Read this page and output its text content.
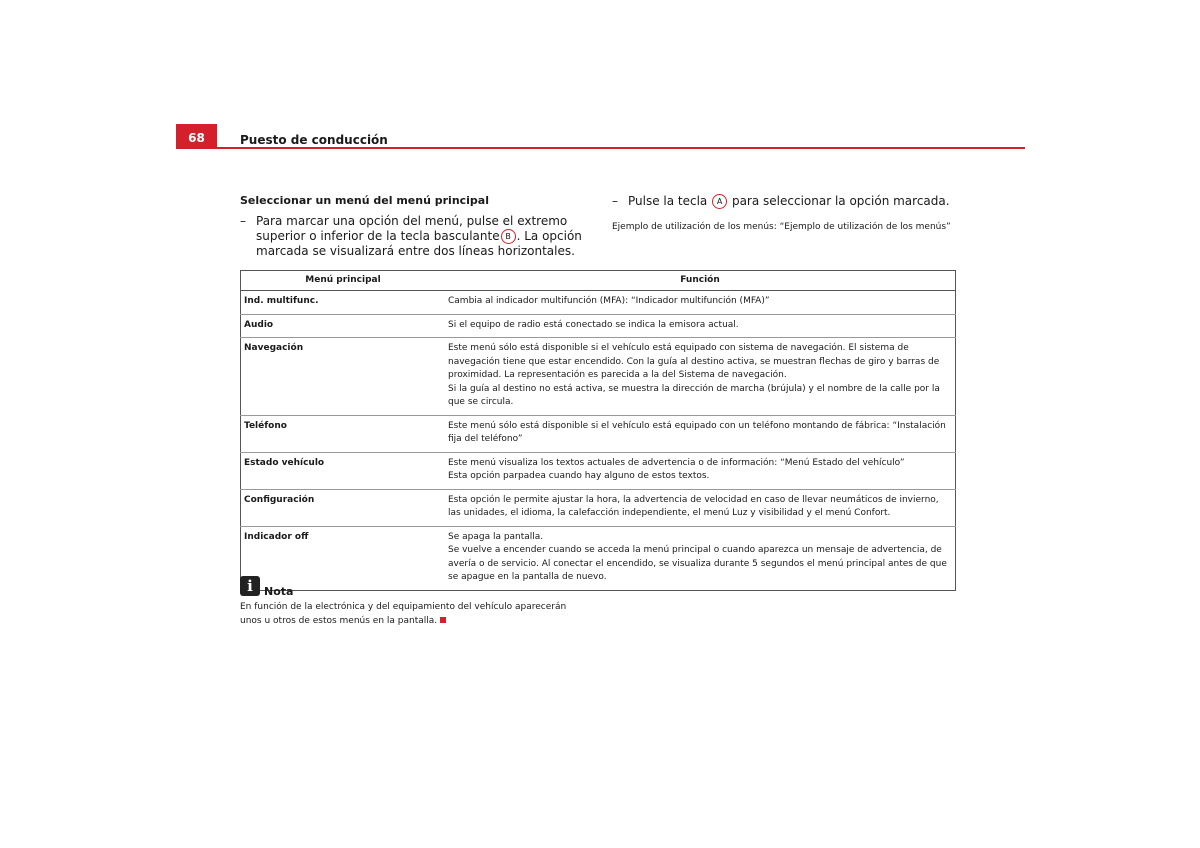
68	Puesto de conducción
Seleccionar un menú del menú principal
– Para marcar una opción del menú, pulse el extremo superior o inferior de la tecla basculante B . La opción marcada se visualizará entre dos líneas horizontales.
– Pulse la tecla A para seleccionar la opción marcada.
Ejemplo de utilización de los menús: “Ejemplo de utilización de los menús”
Menú principal	Función
Ind. multifunc.	Cambia al indicador multifunción (MFA): “Indicador multifunción (MFA)”
Audio	Si el equipo de radio está conectado se indica la emisora actual.
Navegación	Este menú sólo está disponible si el vehículo está equipado con sistema de navegación. El sistema de navegación tiene que estar encendido. Con la guía al destino activa, se muestran flechas de giro y barras de proximidad. La representación es parecida a la del Sistema de navegación.
Si la guía al destino no está activa, se muestra la dirección de marcha (brújula) y el nombre de la calle por la que se circula.
Teléfono	Este menú sólo está disponible si el vehículo está equipado con un teléfono montando de fábrica: “Instalación fija del teléfono”
Estado vehículo	Este menú visualiza los textos actuales de advertencia o de información: “Menú Estado del vehículo”
Esta opción parpadea cuando hay alguno de estos textos.
Configuración	Esta opción le permite ajustar la hora, la advertencia de velocidad en caso de llevar neumáticos de invierno, las unidades, el idioma, la calefacción independiente, el menú Luz y visibilidad y el menú Confort.
Indicador off	Se apaga la pantalla.
Se vuelve a encender cuando se acceda la menú principal o cuando aparezca un mensaje de advertencia, de avería o de servicio. Al conectar el encendido, se visualiza durante 5 segundos el menú principal antes de que se apague en la pantalla de nuevo.
i $_{Nota}$
En función de la electrónica y del equipamiento del vehículo aparecerán unos u otros de estos menús en la pantalla.
